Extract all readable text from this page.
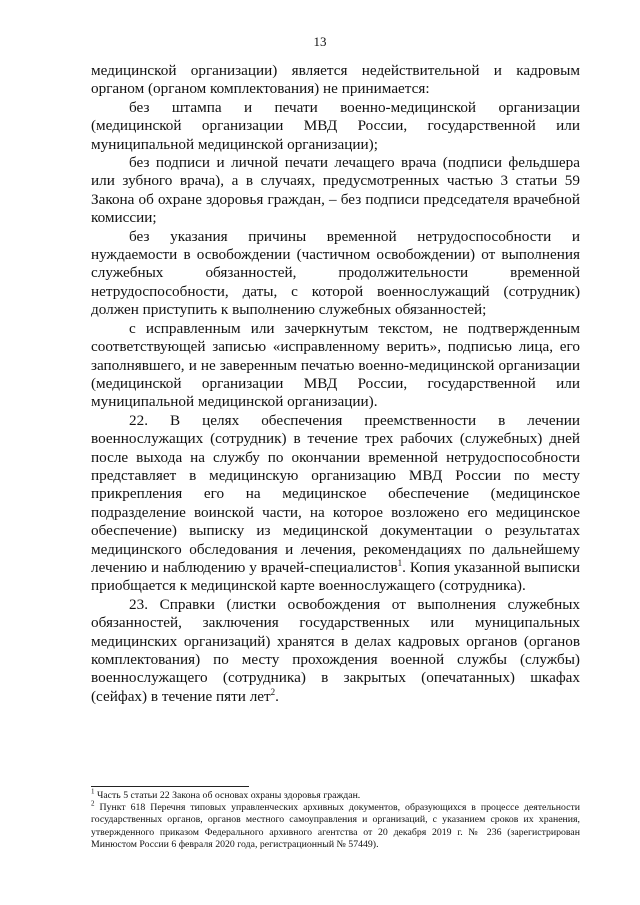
13

медицинской организации) является недействительной и кадровым органом (органом комплектования) не принимается:

без штампа и печати военно-медицинской организации (медицинской организации МВД России, государственной или муниципальной медицинской организации);

без подписи и личной печати лечащего врача (подписи фельдшера или зубного врача), а в случаях, предусмотренных частью 3 статьи 59 Закона об охране здоровья граждан, – без подписи председателя врачебной комиссии;

без указания причины временной нетрудоспособности и нуждаемости в освобождении (частичном освобождении) от выполнения служебных обязанностей, продолжительности временной нетрудоспособности, даты, с которой военнослужащий (сотрудник) должен приступить к выполнению служебных обязанностей;

с исправленным или зачеркнутым текстом, не подтвержденным соответствующей записью «исправленному верить», подписью лица, его заполнявшего, и не заверенным печатью военно-медицинской организации (медицинской организации МВД России, государственной или муниципальной медицинской организации).

22. В целях обеспечения преемственности в лечении военнослужащих (сотрудник) в течение трех рабочих (служебных) дней после выхода на службу по окончании временной нетрудоспособности представляет в медицинскую организацию МВД России по месту прикрепления его на медицинское обеспечение (медицинское подразделение воинской части, на которое возложено его медицинское обеспечение) выписку из медицинской документации о результатах медицинского обследования и лечения, рекомендациях по дальнейшему лечению и наблюдению у врачей-специалистов$^1$. Копия указанной выписки приобщается к медицинской карте военнослужащего (сотрудника).

23. Справки (листки освобождения от выполнения служебных обязанностей, заключения государственных или муниципальных медицинских организаций) хранятся в делах кадровых органов (органов комплектования) по месту прохождения военной службы (службы) военнослужащего (сотрудника) в закрытых (опечатанных) шкафах (сейфах) в течение пяти лет$^2$.

$^1$ Часть 5 статьи 22 Закона об основах охраны здоровья граждан.

$^2$ Пункт 618 Перечня типовых управленческих архивных документов, образующихся в процессе деятельности государственных органов, органов местного самоуправления и организаций, с указанием сроков их хранения, утвержденного приказом Федерального архивного агентства от 20 декабря 2019 г. № 236 (зарегистрирован Минюстом России 6 февраля 2020 года, регистрационный № 57449).
